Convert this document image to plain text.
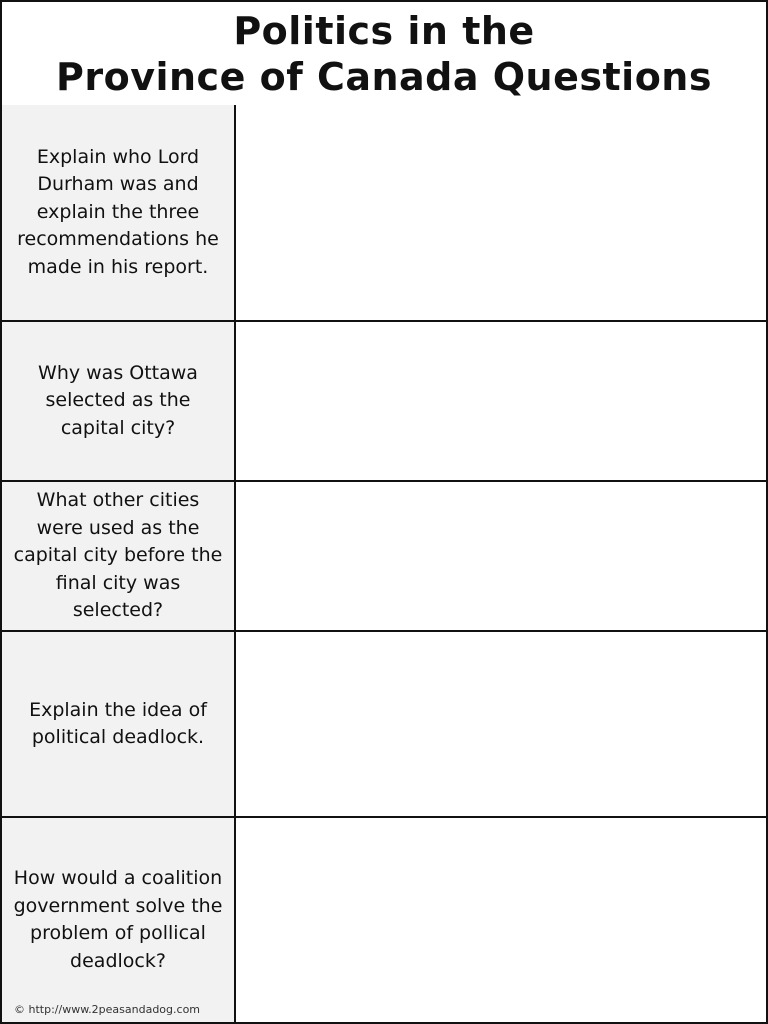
Politics in the
Province of Canada Questions
Explain who Lord Durham was and explain the three recommendations he made in his report.
Why was Ottawa selected as the capital city?
What other cities were used as the capital city before the final city was selected?
Explain the idea of political deadlock.
How would a coalition government solve the problem of pollical deadlock?
© http://www.2peasandadog.com
